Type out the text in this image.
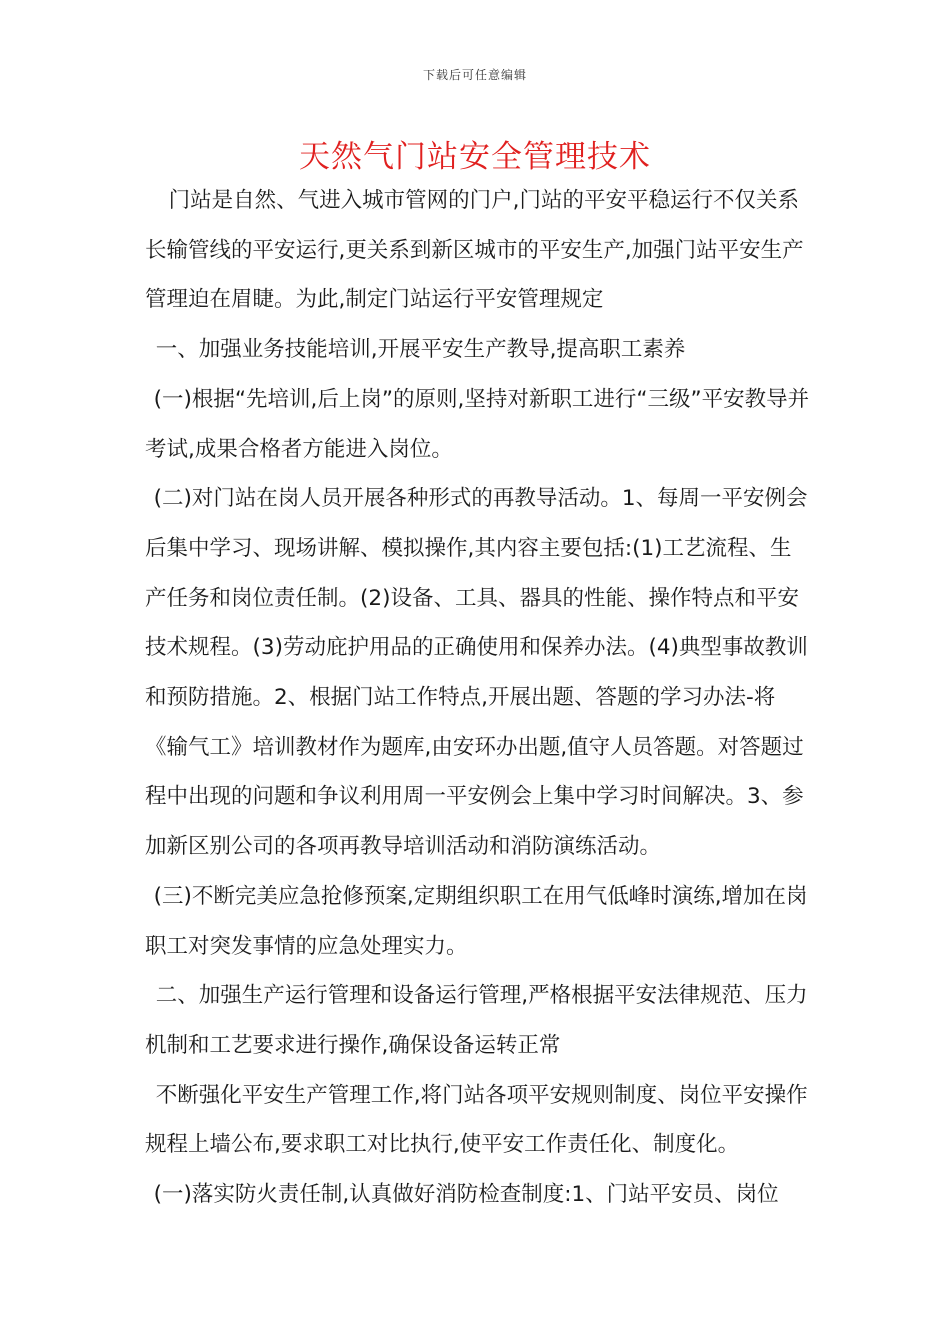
下载后可任意编辑
天然气门站安全管理技术

门站是自然、气进入城市管网的门户,门站的平安平稳运行不仅关系长输管线的平安运行,更关系到新区城市的平安生产,加强门站平安生产管理迫在眉睫。为此,制定门站运行平安管理规定

一、加强业务技能培训,开展平安生产教导,提高职工素养

(一)根据“先培训,后上岗”的原则,坚持对新职工进行“三级”平安教导并考试,成果合格者方能进入岗位。

(二)对门站在岗人员开展各种形式的再教导活动。1、每周一平安例会后集中学习、现场讲解、模拟操作,其内容主要包括:(1)工艺流程、生产任务和岗位责任制。(2)设备、工具、器具的性能、操作特点和平安技术规程。(3)劳动庇护用品的正确使用和保养办法。(4)典型事故教训和预防措施。2、根据门站工作特点,开展出题、答题的学习办法-将《输气工》培训教材作为题库,由安环办出题,值守人员答题。对答题过程中出现的问题和争议利用周一平安例会上集中学习时间解决。3、参加新区别公司的各项再教导培训活动和消防演练活动。

(三)不断完美应急抢修预案,定期组织职工在用气低峰时演练,增加在岗职工对突发事情的应急处理实力。

二、加强生产运行管理和设备运行管理,严格根据平安法律规范、压力机制和工艺要求进行操作,确保设备运转正常

不断强化平安生产管理工作,将门站各项平安规则制度、岗位平安操作规程上墙公布,要求职工对比执行,使平安工作责任化、制度化。

(一)落实防火责任制,认真做好消防检查制度:1、门站平安员、岗位
